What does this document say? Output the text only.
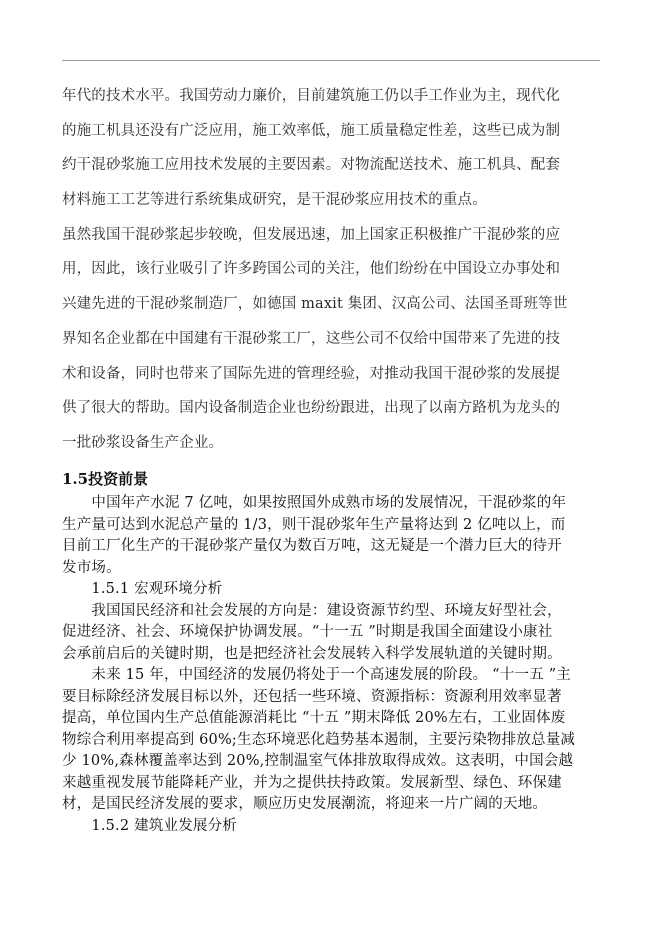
年代的技术水平。我国劳动力廉价，目前建筑施工仍以手工作业为主，现代化
的施工机具还没有广泛应用，施工效率低，施工质量稳定性差，这些已成为制
约干混砂浆施工应用技术发展的主要因素。对物流配送技术、施工机具、配套
材料施工工艺等进行系统集成研究，是干混砂浆应用技术的重点。
虽然我国干混砂浆起步较晚，但发展迅速，加上国家正积极推广干混砂浆的应
用，因此，该行业吸引了许多跨国公司的关注，他们纷纷在中国设立办事处和
兴建先进的干混砂浆制造厂，如德国 maxit 集团、汉高公司、法国圣哥班等世
界知名企业都在中国建有干混砂浆工厂，这些公司不仅给中国带来了先进的技
术和设备，同时也带来了国际先进的管理经验，对推动我国干混砂浆的发展提
供了很大的帮助。国内设备制造企业也纷纷跟进，出现了以南方路机为龙头的
一批砂浆设备生产企业。
1.5投资前景
　　中国年产水泥 7 亿吨，如果按照国外成熟市场的发展情况，干混砂浆的年
生产量可达到水泥总产量的 1/3，则干混砂浆年生产量将达到 2 亿吨以上，而
目前工厂化生产的干混砂浆产量仅为数百万吨，这无疑是一个潜力巨大的待开
发市场。
　　1.5.1 宏观环境分析
　　我国国民经济和社会发展的方向是：建设资源节约型、环境友好型社会，
促进经济、社会、环境保护协调发展。“十一五 ”时期是我国全面建设小康社
会承前启后的关键时期，也是把经济社会发展转入科学发展轨道的关键时期。
　　未来 15 年，中国经济的发展仍将处于一个高速发展的阶段。 “十一五 ”主
要目标除经济发展目标以外，还包括一些环境、资源指标：资源利用效率显著
提高，单位国内生产总值能源消耗比 “十五 ”期末降低 20%左右，工业固体废
物综合利用率提高到 60%;生态环境恶化趋势基本遏制，主要污染物排放总量减
少 10%,森林覆盖率达到 20%,控制温室气体排放取得成效。这表明，中国会越
来越重视发展节能降耗产业，并为之提供扶持政策。发展新型、绿色、环保建
材，是国民经济发展的要求，顺应历史发展潮流，将迎来一片广阔的天地。
　　1.5.2 建筑业发展分析
